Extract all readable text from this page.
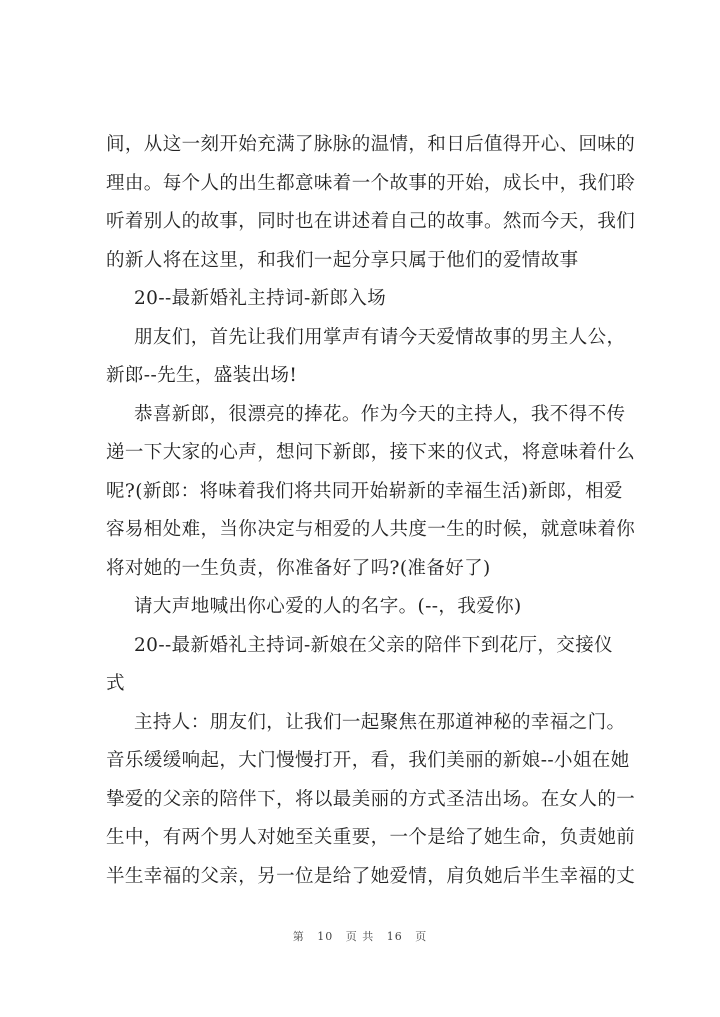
间，从这一刻开始充满了脉脉的温情，和日后值得开心、回味的
理由。每个人的出生都意味着一个故事的开始，成长中，我们聆
听着别人的故事，同时也在讲述着自己的故事。然而今天，我们
的新人将在这里，和我们一起分享只属于他们的爱情故事
20--最新婚礼主持词-新郎入场
朋友们，首先让我们用掌声有请今天爱情故事的男主人公，
新郎--先生，盛装出场!
恭喜新郎，很漂亮的捧花。作为今天的主持人，我不得不传
递一下大家的心声，想问下新郎，接下来的仪式，将意味着什么
呢?(新郎：将味着我们将共同开始崭新的幸福生活)新郎，相爱
容易相处难，当你决定与相爱的人共度一生的时候，就意味着你
将对她的一生负责，你准备好了吗?(准备好了)
请大声地喊出你心爱的人的名字。(--，我爱你)
20--最新婚礼主持词-新娘在父亲的陪伴下到花厅，交接仪
式
主持人：朋友们，让我们一起聚焦在那道神秘的幸福之门。
音乐缓缓响起，大门慢慢打开，看，我们美丽的新娘--小姐在她
挚爱的父亲的陪伴下，将以最美丽的方式圣洁出场。在女人的一
生中，有两个男人对她至关重要，一个是给了她生命，负责她前
半生幸福的父亲，另一位是给了她爱情，肩负她后半生幸福的丈
第 10 页 共 16 页
